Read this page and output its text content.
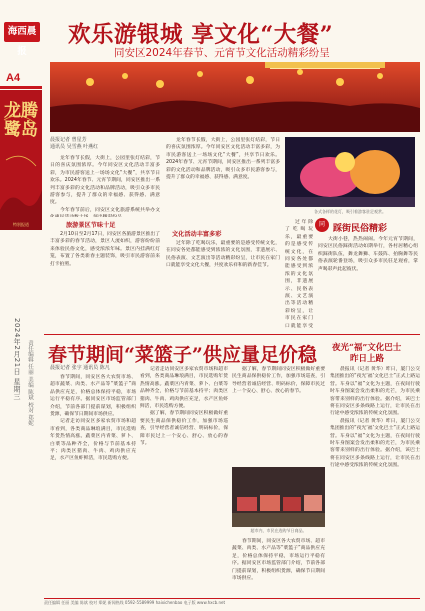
海西晨报
A4
龙腾鹭岛
特别报道
2024年2月21日 星期三 责任编辑 任丽 美编 陈斌 校对 郑妮
欢乐游银城 享文化“大餐”
同安区2024年春节、元宵节文化活动精彩纷呈
晨报记者 曾星芳
通讯员 吴雪燕 叶燕红

龙年春节长假，大街上，公园里张灯结彩，节日的喜庆氛围浓厚。今年同安区文化活动丰富多彩，为市民游客送上一场场文化“大餐”，共享节日欢乐。2024年春节、元宵节期间，同安区推出一系列丰富多彩的文化活动和品牌活动，吸引众多市民游客参与，提升了群众的幸福感、获得感、满意度。

今年春节前后，同安区文化旅游系统共举办文

旅游景区节味十足

2月10日至2月17日，同安区各旅游景区推出了丰富多彩的春节活动，景区人流如织，游客纷纷前来体验民俗文化，感受浓浓年味。景区内挂满红灯笼，布置了各类新春主题装饰，吸引市民游客前来打卡拍照。

龙年春节长假，大街上，公园里张灯结彩，节日的喜庆氛围浓厚。今年同安区文化活动丰富多彩，为市民游客送上一场场文化“大餐”，共享节日欢乐。2024年春节、元宵节期间，同安区推出一系列丰富多彩的文化活动和品牌活动，吸引众多市民游客参与，提升了群众的幸福感、获得感、满意度。

文化活动丰富多彩

过年除了吃喝玩乐，最重要的是感受传统文化，在同安各处都能感受到浓浓的文化氛围，非遗展示、民俗表演、文艺演出等活动精彩纷呈，让市民在家门口就能享受文化大餐，共度欢乐祥和的新春佳节。

各式各样的花灯，吸引着游客驻足观赏。

过年除了吃喝玩乐，最重要的是感受传统文化，在同安各处都能感受到浓浓的文化氛围，非遗展示、民俗表演、文艺演出等活动精彩纷呈，让市民在家门口就能享受

同 踩街民俗精彩

大街小巷，热热闹闹。今年元宵节期间，同安区民俗踩街活动如期举行，各村居精心组织踩街队伍，舞龙舞狮、车鼓阵、拍胸舞等民俗表演轮番登场，吸引众多市民驻足观看，掌声喝彩声此起彼伏。

春节期间“菜篮子”供应量足价稳
晨报记者 张宇 通讯员 陈凡

春节期间，同安区各大农贸市场、超市蔬菜、肉类、水产品等“菜篮子”商品供应充足，价格总体保持平稳，市场运行平稳有序。据同安区市场监管部门介绍，节前各部门提前谋划，积极组织货源，确保节日期间市场供应。

记者走访同安区多家农贸市场和超市看到，各类商品琳琅满目，市民选购年货热情高涨。蔬菜区内青菜、萝卜、白菜等品种齐全，价格与节前基本持平；肉类区猪肉、牛肉、鸡肉供应充足，水产区鱼虾鲜活，市民选购方便。

记者走访同安区多家农贸市场和超市看到，各类商品琳琅满目，市民选购年货热情高涨。蔬菜区内青菜、萝卜、白菜等品种齐全，价格与节前基本持平；肉类区猪肉、牛肉、鸡肉供应充足，水产区鱼虾鲜活，市民选购方便。

据了解，春节期间同安区积极做好重要民生商品保供稳价工作，加强市场巡查，引导经营者诚信经营、明码标价，保障市民过上一个安心、舒心、放心的春节。

据了解，春节期间同安区积极做好重要民生商品保供稳价工作，加强市场巡查，引导经营者诚信经营、明码标价，保障市民过上一个安心、舒心、放心的春节。

超市内，市民在选购节日商品。

春节期间，同安区各大农贸市场、超市蔬菜、肉类、水产品等“菜篮子”商品供应充足，价格总体保持平稳，市场运行平稳有序。据同安区市场监管部门介绍，节前各部门提前谋划，积极组织货源，确保节日期间市场供应。

夜光“福”文化巴士
昨日上路

晨报讯（记者 黄华）昨日，厦门公交集团推出的“夜光‘福’文化巴士”正式上路运营。车身以“福”文化为主题，在夜间行驶时车身图案会发出柔和的光芒，为市民乘客带来别样的出行体验。据介绍，该巴士将在同安区多条线路上运行，让市民在出行途中感受浓浓的传统文化氛围。

晨报讯（记者 黄华）昨日，厦门公交集团推出的“夜光‘福’文化巴士”正式上路运营。车身以“福”文化为主题，在夜间行驶时车身图案会发出柔和的光芒，为市民乘客带来别样的出行体验。据介绍，该巴士将在同安区多条线路上运行，让市民在出行途中感受浓浓的传统文化氛围。

责任编辑 任丽 美编 陈斌 校对 郑妮 新闻热线 0592-5589999 haixichenbao 电子版 www.hxcb.net
